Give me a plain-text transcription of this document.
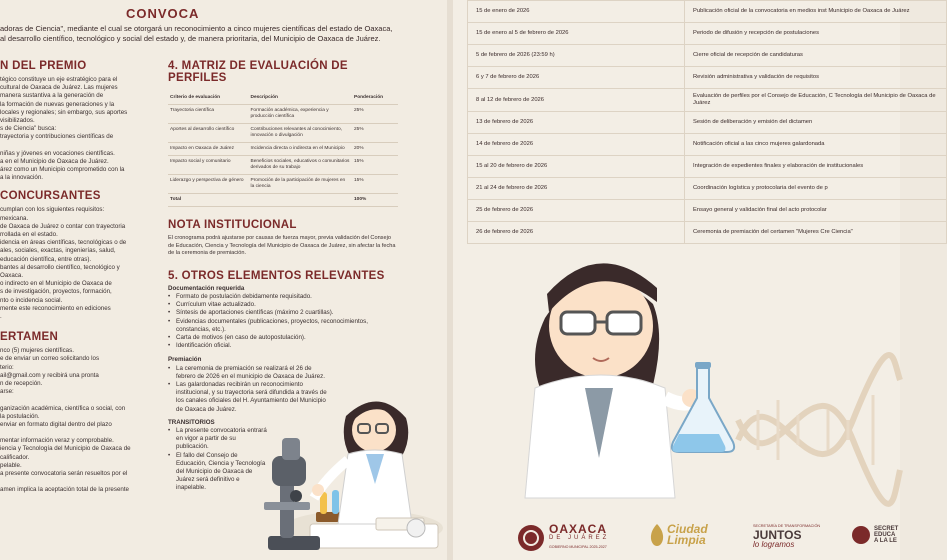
CONVOCA
adoras de Ciencia", mediante el cual se otorgará un reconocimiento a cinco mujeres científicas del estado de Oaxaca,
al desarrollo científico, tecnológico y social del estado y, de manera prioritaria, del Municipio de Oaxaca de Juárez.
N DEL PREMIO
tégico constituye un eje estratégico para el
cultural de Oaxaca de Juárez. Las mujeres
manera sustantiva a la generación de
la formación de nuevas generaciones y la
locales y regionales; sin embargo, sus aportes
visibilizados.
s de Ciencia" busca:
trayectoria y contribuciones científicas de
niñas y jóvenes en vocaciones científicas.
a en el Municipio de Oaxaca de Juárez.
árez como un Municipio comprometido con la
a la innovación.
CONCURSANTES
cumplan con los siguientes requisitos:
mexicana.
de Oaxaca de Juárez o contar con trayectoria
rrollada en el estado.
idencia en áreas científicas, tecnológicas o de
ales, sociales, exactas, ingenierías, salud,
educación científica, entre otras).
bantes al desarrollo científico, tecnológico y
Oaxaca.
o indirecto en el Municipio de Oaxaca de
s de investigación, proyectos, formación,
nto o incidencia social.
mente este reconocimiento en ediciones
.
ERTAMEN
nco (5) mujeres científicas.
e de enviar un correo solicitando los
terio:
ail@gmail.com y recibirá una pronta
n de recepción.
arse:
ganización académica, científica o social, con
la postulación.
enviar en formato digital dentro del plazo
mentar información veraz y comprobable.
iencia y Tecnología del Municipio de Oaxaca de
calificador.
pelable.
a presente convocatoria serán resueltos por el
amen implica la aceptación total de la presente
4. MATRIZ DE EVALUACIÓN DE PERFILES
Criterio de evaluación	Descripción	Ponderación
Trayectoria científica	Formación académica, experiencia y producción científica	25%
Aportes al desarrollo científico	Contribuciones relevantes al conocimiento, innovación o divulgación	25%
Impacto en Oaxaca de Juárez	Incidencia directa o indirecta en el Municipio	20%
Impacto social y comunitario	Beneficios sociales, educativos o comunitarios derivados de su trabajo	15%
Liderazgo y perspectiva de género	Promoción de la participación de mujeres en la ciencia	15%
Total		100%
NOTA INSTITUCIONAL
El cronograma podrá ajustarse por causas de fuerza mayor, previa validación del Consejo de Educación, Ciencia y Tecnología del Municipio de Oaxaca de Juárez, sin afectar la fecha de la ceremonia de premiación.
5. OTROS ELEMENTOS RELEVANTES
Documentación requerida
• Formato de postulación debidamente requisitado.
• Currículum vitae actualizado.
• Síntesis de aportaciones científicas (máximo 2 cuartillas).
• Evidencias documentales (publicaciones, proyectos, reconocimientos, constancias, etc.).
• Carta de motivos (en caso de autopostulación).
• Identificación oficial.
Premiación
• La ceremonia de premiación se realizará el 26 de febrero de 2026 en el municipio de Oaxaca de Juárez.
• Las galardonadas recibirán un reconocimiento institucional, y su trayectoria será difundida a través de los canales oficiales del H. Ayuntamiento del Municipio de Oaxaca de Juárez.
TRANSITORIOS
• La presente convocatoria entrará en vigor a partir de su publicación.
• El fallo del Consejo de Educación, Ciencia y Tecnología del Municipio de Oaxaca de Juárez será definitivo e inapelable.
15 de enero de 2026	Publicación oficial de la convocatoria en medios inst Municipio de Oaxaca de Juárez
15 de enero al 5 de febrero de 2026	Periodo de difusión y recepción de postulaciones
5 de febrero de 2026 (23:59 h)	Cierre oficial de recepción de candidaturas
6 y 7 de febrero de 2026	Revisión administrativa y validación de requisitos
8 al 12 de febrero de 2026	Evaluación de perfiles por el Consejo de Educación, C Tecnología del Municipio de Oaxaca de Juárez
13 de febrero de 2026	Sesión de deliberación y emisión del dictamen
14 de febrero de 2026	Notificación oficial a las cinco mujeres galardonada
15 al 20 de febrero de 2026	Integración de expedientes finales y elaboración de institucionales
21 al 24 de febrero de 2026	Coordinación logística y protocolaria del evento de p
25 de febrero de 2026	Ensayo general y validación final del acto protocolar
26 de febrero de 2026	Ceremonia de premiación del certamen "Mujeres Cre Ciencia"
OAXACA
DE JUÁREZ
GOBIERNO MUNICIPAL 2025-2027
Ciudad
Limpia
SECRETARÍA DE TRANSFORMACIÓN
JUNTOS
lo logramos
SECRET
EDUCA
A LA LE
